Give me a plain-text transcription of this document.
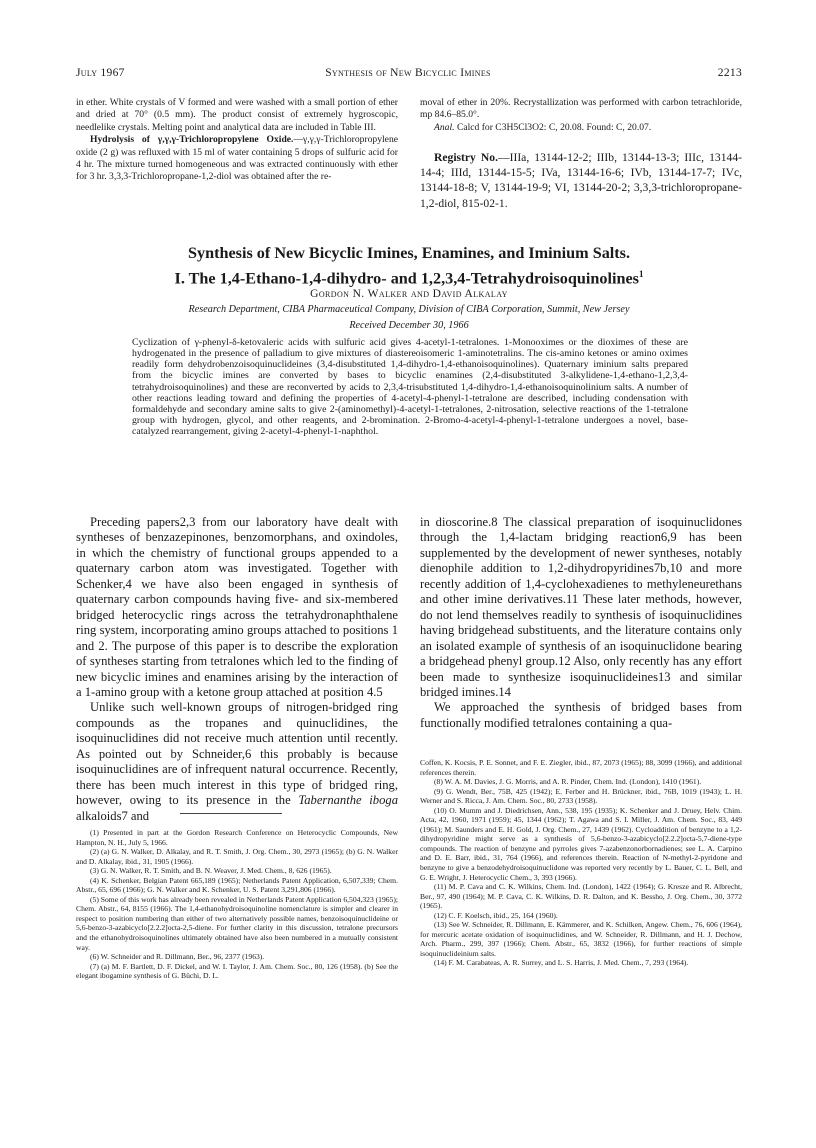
July 1967	Synthesis of New Bicyclic Imines	2213

in ether. White crystals of V formed and were washed with a small portion of ether and dried at 70° (0.5 mm). The product consist of extremely hygroscopic, needlelike crystals. Melting point and analytical data are included in Table III.

Hydrolysis of γ,γ,γ-Trichloropropylene Oxide.—γ,γ,γ-Trichloropropylene oxide (2 g) was refluxed with 15 ml of water containing 5 drops of sulfuric acid for 4 hr. The mixture turned homogeneous and was extracted continuously with ether for 3 hr. 3,3,3-Trichloropropane-1,2-diol was obtained after the re-

moval of ether in 20%. Recrystallization was performed with carbon tetrachloride, mp 84.6–85.0°.

Anal. Calcd for C3H5Cl3O2: C, 20.08. Found: C, 20.07.

Registry No.—IIIa, 13144-12-2; IIIb, 13144-13-3; IIIc, 13144-14-4; IIId, 13144-15-5; IVa, 13144-16-6; IVb, 13144-17-7; IVc, 13144-18-8; V, 13144-19-9; VI, 13144-20-2; 3,3,3-trichloropropane-1,2-diol, 815-02-1.

Synthesis of New Bicyclic Imines, Enamines, and Iminium Salts.
I. The 1,4-Ethano-1,4-dihydro- and 1,2,3,4-Tetrahydroisoquinolines$^1$
Gordon N. Walker and David Alkalay
Research Department, CIBA Pharmaceutical Company, Division of CIBA Corporation, Summit, New Jersey
Received December 30, 1966
Cyclization of γ-phenyl-δ-ketovaleric acids with sulfuric acid gives 4-acetyl-1-tetralones. 1-Monooximes or the dioximes of these are hydrogenated in the presence of palladium to give mixtures of diastereoisomeric 1-aminotetralins. The cis-amino ketones or amino oximes readily form dehydrobenzoisoquinuclideines (3,4-disubstituted 1,4-dihydro-1,4-ethanoisoquinolines). Quaternary iminium salts prepared from the bicyclic imines are converted by bases to bicyclic enamines (2,4-disubstituted 3-alkylidene-1,4-ethano-1,2,3,4-tetrahydroisoquinolines) and these are reconverted by acids to 2,3,4-trisubstituted 1,4-dihydro-1,4-ethanoisoquinolinium salts. A number of other reactions leading toward and defining the properties of 4-acetyl-4-phenyl-1-tetralone are described, including condensation with formaldehyde and secondary amine salts to give 2-(aminomethyl)-4-acetyl-1-tetralones, 2-nitrosation, selective reactions of the 1-tetralone group with hydrogen, glycol, and other reagents, and 2-bromination. 2-Bromo-4-acetyl-4-phenyl-1-tetralone undergoes a novel, base-catalyzed rearrangement, giving 2-acetyl-4-phenyl-1-naphthol.

Preceding papers2,3 from our laboratory have dealt with syntheses of benzazepinones, benzomorphans, and oxindoles, in which the chemistry of functional groups appended to a quaternary carbon atom was investigated. Together with Schenker,4 we have also been engaged in synthesis of quaternary carbon compounds having five- and six-membered bridged heterocyclic rings across the tetrahydronaphthalene ring system, incorporating amino groups attached to positions 1 and 2. The purpose of this paper is to describe the exploration of syntheses starting from tetralones which led to the finding of new bicyclic imines and enamines arising by the interaction of a 1-amino group with a ketone group attached at position 4.5

Unlike such well-known groups of nitrogen-bridged ring compounds as the tropanes and quinuclidines, the isoquinuclidines did not receive much attention until recently. As pointed out by Schneider,6 this probably is because isoquinuclidines are of infrequent natural occurrence. Recently, there has been much interest in this type of bridged ring, however, owing to its presence in the Tabernanthe iboga alkaloids7 and

in dioscorine.8 The classical preparation of isoquinuclidones through the 1,4-lactam bridging reaction6,9 has been supplemented by the development of newer syntheses, notably dienophile addition to 1,2-dihydropyridines7b,10 and more recently addition of 1,4-cyclohexadienes to methyleneurethans and other imine derivatives.11 These later methods, however, do not lend themselves readily to synthesis of isoquinuclidines having bridgehead substituents, and the literature contains only an isolated example of synthesis of an isoquinuclidone bearing a bridgehead phenyl group.12 Also, only recently has any effort been made to synthesize isoquinuclideines13 and similar bridged imines.14

We approached the synthesis of bridged bases from functionally modified tetralones containing a qua-

(1) Presented in part at the Gordon Research Conference on Heterocyclic Compounds, New Hampton, N. H., July 5, 1966.

(2) (a) G. N. Walker, D. Alkalay, and R. T. Smith, J. Org. Chem., 30, 2973 (1965); (b) G. N. Walker and D. Alkalay, ibid., 31, 1905 (1966).

(3) G. N. Walker, R. T. Smith, and B. N. Weaver, J. Med. Chem., 8, 626 (1965).

(4) K. Schenker, Belgian Patent 665,189 (1965); Netherlands Patent Application, 6,507,339; Chem. Abstr., 65, 696 (1966); G. N. Walker and K. Schenker, U. S. Patent 3,291,806 (1966).

(5) Some of this work has already been revealed in Netherlands Patent Application 6,504,323 (1965); Chem. Abstr., 64, 8155 (1966). The 1,4-ethanohydroisoquinoline nomenclature is simpler and clearer in respect to position numbering than either of two alternatively possible names, benzoisoquinuclideine or 5,6-benzo-3-azabicyclo[2.2.2]octa-2,5-diene. For further clarity in this discussion, tetralone precursors and the ethanohydroisoquinolines ultimately obtained have also been numbered in a mutually consistent way.

(6) W. Schneider and R. Dillmann, Ber., 96, 2377 (1963).

(7) (a) M. F. Bartlett, D. F. Dickel, and W. I. Taylor, J. Am. Chem. Soc., 80, 126 (1958). (b) See the elegant ibogamine synthesis of G. Büchi, D. L.

Coffen, K. Kocsis, P. E. Sonnet, and F. E. Ziegler, ibid., 87, 2073 (1965); 88, 3099 (1966), and additional references therein.

(8) W. A. M. Davies, J. G. Morris, and A. R. Pinder, Chem. Ind. (London), 1410 (1961).

(9) G. Wendt, Ber., 75B, 425 (1942); E. Ferber and H. Brückner, ibid., 76B, 1019 (1943); L. H. Werner and S. Ricca, J. Am. Chem. Soc., 80, 2733 (1958).

(10) O. Mumm and J. Diedrichsen, Ann., 538, 195 (1935); K. Schenker and J. Druey, Helv. Chim. Acta, 42, 1960, 1971 (1959); 45, 1344 (1962); T. Agawa and S. I. Miller, J. Am. Chem. Soc., 83, 449 (1961); M. Saunders and E. H. Gold, J. Org. Chem., 27, 1439 (1962). Cycloaddition of benzyne to a 1,2-dihydropyridine might serve as a synthesis of 5,6-benzo-3-azabicyclo[2.2.2]octa-5,7-diene-type compounds. The reaction of benzyne and pyrroles gives 7-azabenzonorbornadienes; see L. A. Carpino and D. E. Barr, ibid., 31, 764 (1966), and references therein. Reaction of N-methyl-2-pyridone and benzyne to give a benzodehydroisoquinuclidone was reported very recently by L. Bauer, C. L. Bell, and G. E. Wright, J. Heterocyclic Chem., 3, 393 (1966).

(11) M. P. Cava and C. K. Wilkins, Chem. Ind. (London), 1422 (1964); G. Kresze and R. Albrecht, Ber., 97, 490 (1964); M. P. Cava, C. K. Wilkins, D. R. Dalton, and K. Bessho, J. Org. Chem., 30, 3772 (1965).

(12) C. F. Koelsch, ibid., 25, 164 (1960).

(13) See W. Schneider, R. Dillmann, E. Kämmerer, and K. Schilken, Angew. Chem., 76, 606 (1964), for mercuric acetate oxidation of isoquinuclidines, and W. Schneider, R. Dillmann, and H. J. Dechow, Arch. Pharm., 299, 397 (1966); Chem. Abstr., 65, 3832 (1966), for further reactions of simple isoquinuclideinium salts.

(14) F. M. Carabateas, A. R. Surrey, and L. S. Harris, J. Med. Chem., 7, 293 (1964).
